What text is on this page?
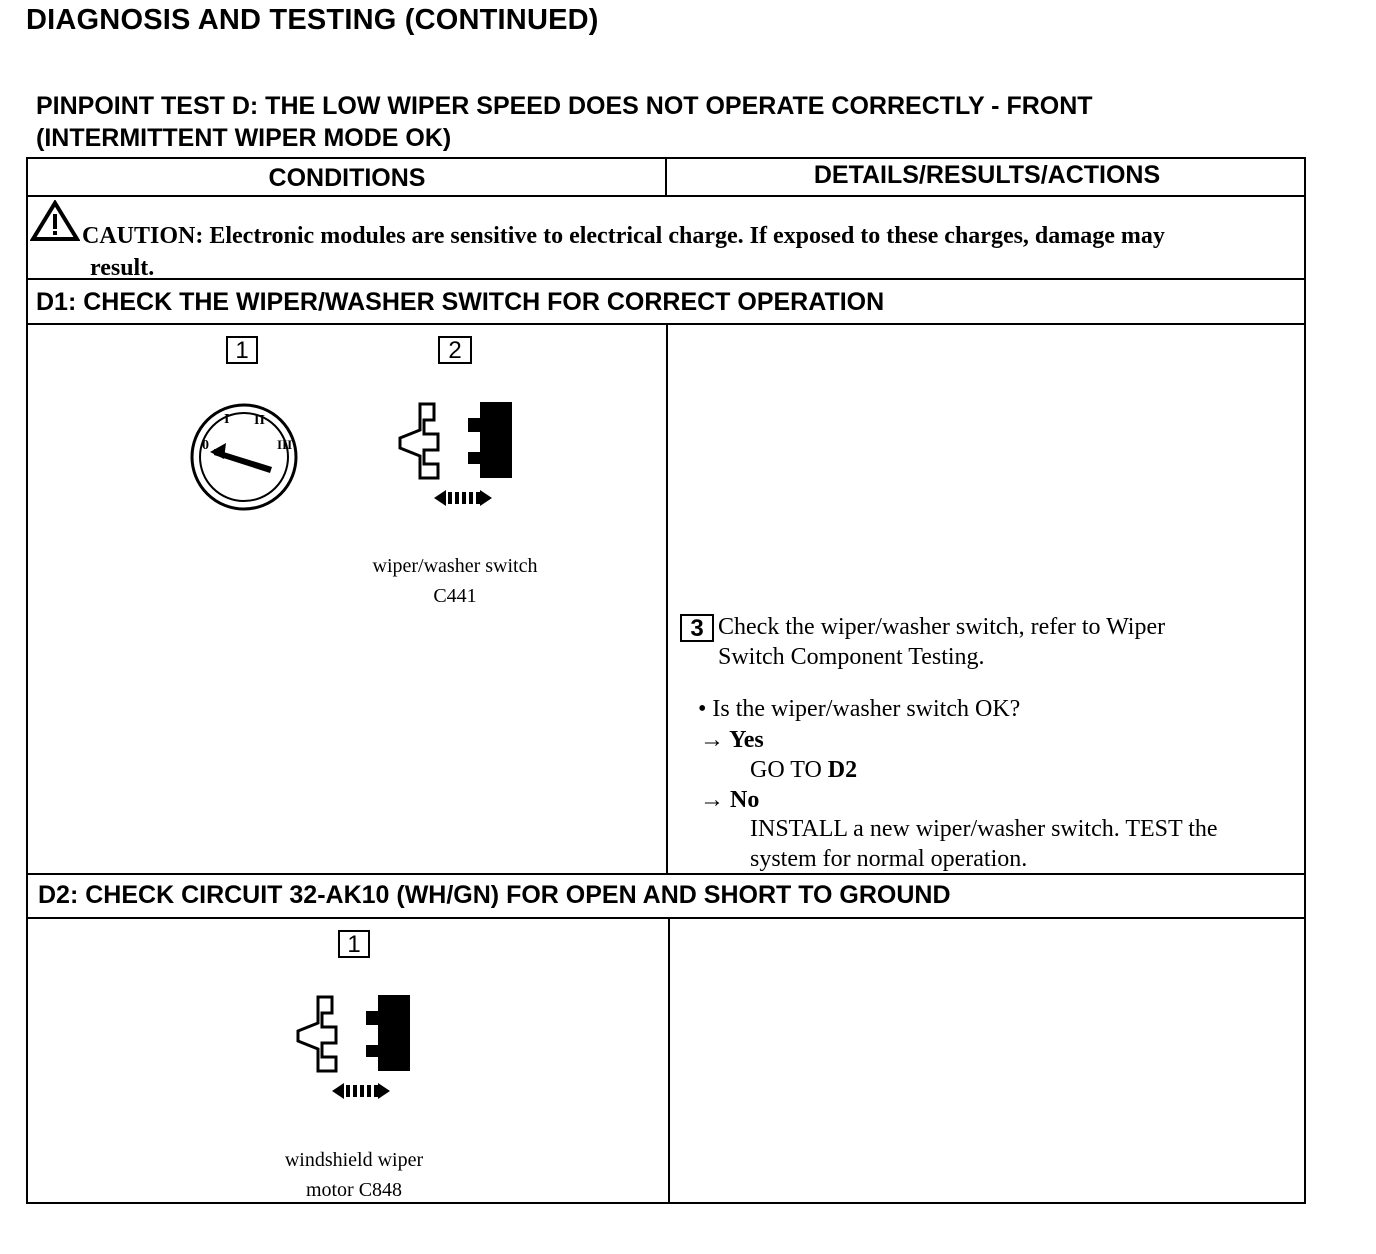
DIAGNOSIS AND TESTING (CONTINUED)
PINPOINT TEST D: THE LOW WIPER SPEED DOES NOT OPERATE CORRECTLY - FRONT
(INTERMITTENT WIPER MODE OK)
CONDITIONS	DETAILS/RESULTS/ACTIONS
CAUTION: Electronic modules are sensitive to electrical charge. If exposed to these charges, damage may
result.
D1: CHECK THE WIPER/WASHER SWITCH FOR CORRECT OPERATION
1	2
0
I II
III
wiper/washer switch
C441
3 Check the wiper/washer switch, refer to Wiper
Switch Component Testing.
• Is the wiper/washer switch OK?
→ Yes
GO TO D2
→ No
INSTALL a new wiper/washer switch. TEST the
system for normal operation.
D2: CHECK CIRCUIT 32-AK10 (WH/GN) FOR OPEN AND SHORT TO GROUND
1
windshield wiper
motor C848
